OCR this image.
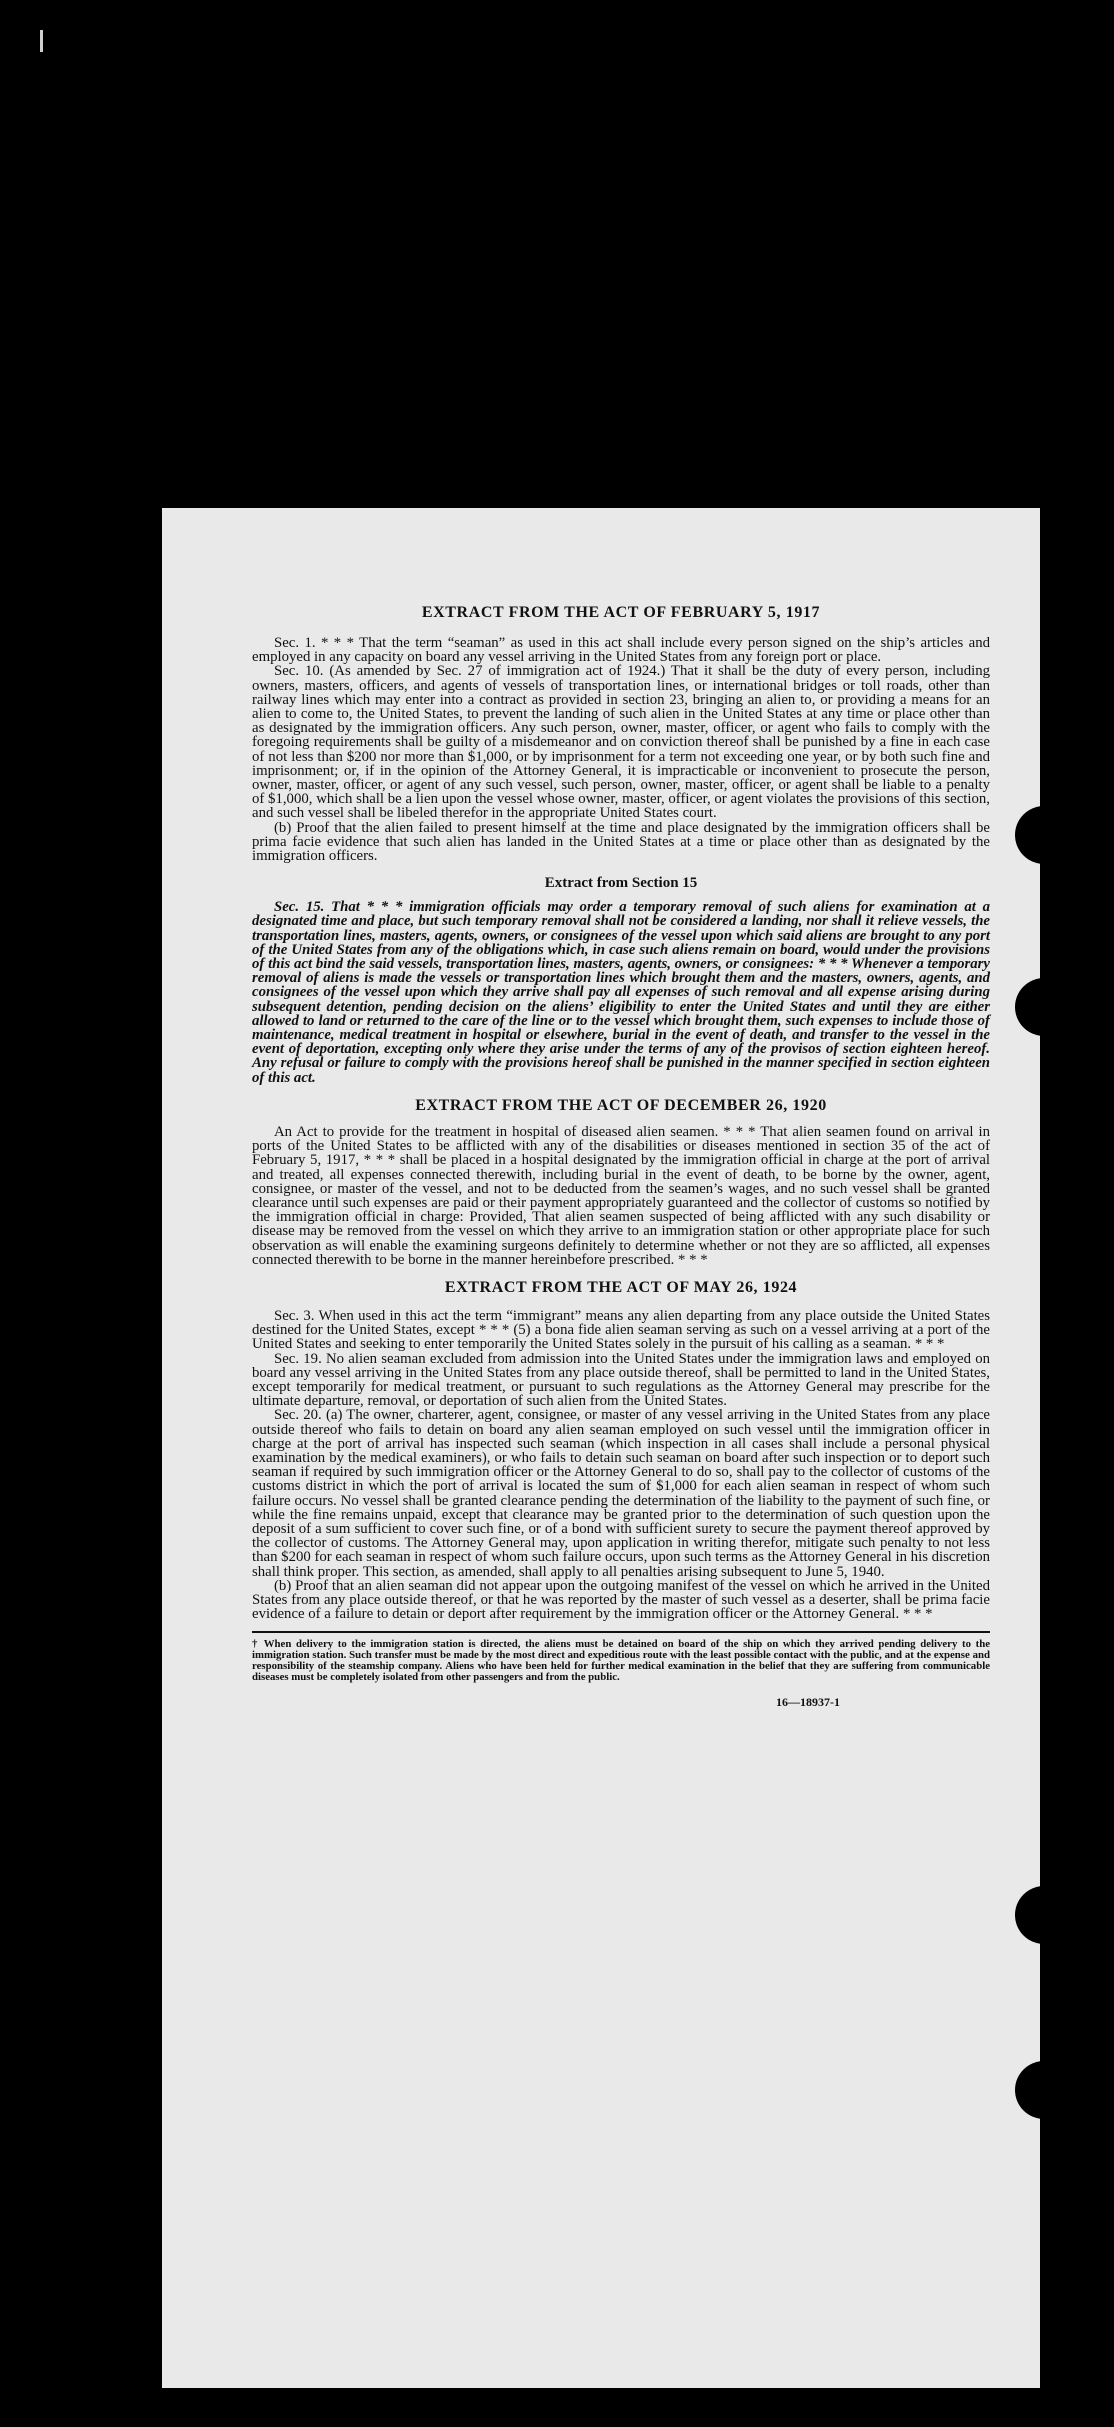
EXTRACT FROM THE ACT OF FEBRUARY 5, 1917

Sec. 1. * * * That the term “seaman” as used in this act shall include every person signed on the ship’s articles and employed in any capacity on board any vessel arriving in the United States from any foreign port or place.

Sec. 10. (As amended by Sec. 27 of immigration act of 1924.) That it shall be the duty of every person, including owners, masters, officers, and agents of vessels of transportation lines, or international bridges or toll roads, other than railway lines which may enter into a contract as provided in section 23, bringing an alien to, or providing a means for an alien to come to, the United States, to prevent the landing of such alien in the United States at any time or place other than as designated by the immigration officers. Any such person, owner, master, officer, or agent who fails to comply with the foregoing requirements shall be guilty of a misdemeanor and on conviction thereof shall be punished by a fine in each case of not less than $200 nor more than $1,000, or by imprisonment for a term not exceeding one year, or by both such fine and imprisonment; or, if in the opinion of the Attorney General, it is impracticable or inconvenient to prosecute the person, owner, master, officer, or agent of any such vessel, such person, owner, master, officer, or agent shall be liable to a penalty of $1,000, which shall be a lien upon the vessel whose owner, master, officer, or agent violates the provisions of this section, and such vessel shall be libeled therefor in the appropriate United States court.

(b) Proof that the alien failed to present himself at the time and place designated by the immigration officers shall be prima facie evidence that such alien has landed in the United States at a time or place other than as designated by the immigration officers.

Extract from Section 15

Sec. 15. That * * * immigration officials may order a temporary removal of such aliens for examination at a designated time and place, but such temporary removal shall not be considered a landing, nor shall it relieve vessels, the transportation lines, masters, agents, owners, or consignees of the vessel upon which said aliens are brought to any port of the United States from any of the obligations which, in case such aliens remain on board, would under the provisions of this act bind the said vessels, transportation lines, masters, agents, owners, or consignees: * * * Whenever a temporary removal of aliens is made the vessels or transportation lines which brought them and the masters, owners, agents, and consignees of the vessel upon which they arrive shall pay all expenses of such removal and all expense arising during subsequent detention, pending decision on the aliens’ eligibility to enter the United States and until they are either allowed to land or returned to the care of the line or to the vessel which brought them, such expenses to include those of maintenance, medical treatment in hospital or elsewhere, burial in the event of death, and transfer to the vessel in the event of deportation, excepting only where they arise under the terms of any of the provisos of section eighteen hereof. Any refusal or failure to comply with the provisions hereof shall be punished in the manner specified in section eighteen of this act.

EXTRACT FROM THE ACT OF DECEMBER 26, 1920

An Act to provide for the treatment in hospital of diseased alien seamen. * * * That alien seamen found on arrival in ports of the United States to be afflicted with any of the disabilities or diseases mentioned in section 35 of the act of February 5, 1917, * * * shall be placed in a hospital designated by the immigration official in charge at the port of arrival and treated, all expenses connected therewith, including burial in the event of death, to be borne by the owner, agent, consignee, or master of the vessel, and not to be deducted from the seamen’s wages, and no such vessel shall be granted clearance until such expenses are paid or their payment appropriately guaranteed and the collector of customs so notified by the immigration official in charge: Provided, That alien seamen suspected of being afflicted with any such disability or disease may be removed from the vessel on which they arrive to an immigration station or other appropriate place for such observation as will enable the examining surgeons definitely to determine whether or not they are so afflicted, all expenses connected therewith to be borne in the manner hereinbefore prescribed. * * *

EXTRACT FROM THE ACT OF MAY 26, 1924

Sec. 3. When used in this act the term “immigrant” means any alien departing from any place outside the United States destined for the United States, except * * * (5) a bona fide alien seaman serving as such on a vessel arriving at a port of the United States and seeking to enter temporarily the United States solely in the pursuit of his calling as a seaman. * * *

Sec. 19. No alien seaman excluded from admission into the United States under the immigration laws and employed on board any vessel arriving in the United States from any place outside thereof, shall be permitted to land in the United States, except temporarily for medical treatment, or pursuant to such regulations as the Attorney General may prescribe for the ultimate departure, removal, or deportation of such alien from the United States.

Sec. 20. (a) The owner, charterer, agent, consignee, or master of any vessel arriving in the United States from any place outside thereof who fails to detain on board any alien seaman employed on such vessel until the immigration officer in charge at the port of arrival has inspected such seaman (which inspection in all cases shall include a personal physical examination by the medical examiners), or who fails to detain such seaman on board after such inspection or to deport such seaman if required by such immigration officer or the Attorney General to do so, shall pay to the collector of customs of the customs district in which the port of arrival is located the sum of $1,000 for each alien seaman in respect of whom such failure occurs. No vessel shall be granted clearance pending the determination of the liability to the payment of such fine, or while the fine remains unpaid, except that clearance may be granted prior to the determination of such question upon the deposit of a sum sufficient to cover such fine, or of a bond with sufficient surety to secure the payment thereof approved by the collector of customs. The Attorney General may, upon application in writing therefor, mitigate such penalty to not less than $200 for each seaman in respect of whom such failure occurs, upon such terms as the Attorney General in his discretion shall think proper. This section, as amended, shall apply to all penalties arising subsequent to June 5, 1940.

(b) Proof that an alien seaman did not appear upon the outgoing manifest of the vessel on which he arrived in the United States from any place outside thereof, or that he was reported by the master of such vessel as a deserter, shall be prima facie evidence of a failure to detain or deport after requirement by the immigration officer or the Attorney General. * * *

† When delivery to the immigration station is directed, the aliens must be detained on board of the ship on which they arrived pending delivery to the immigration station. Such transfer must be made by the most direct and expeditious route with the least possible contact with the public, and at the expense and responsibility of the steamship company. Aliens who have been held for further medical examination in the belief that they are suffering from communicable diseases must be completely isolated from other passengers and from the public.
16—18937-1
